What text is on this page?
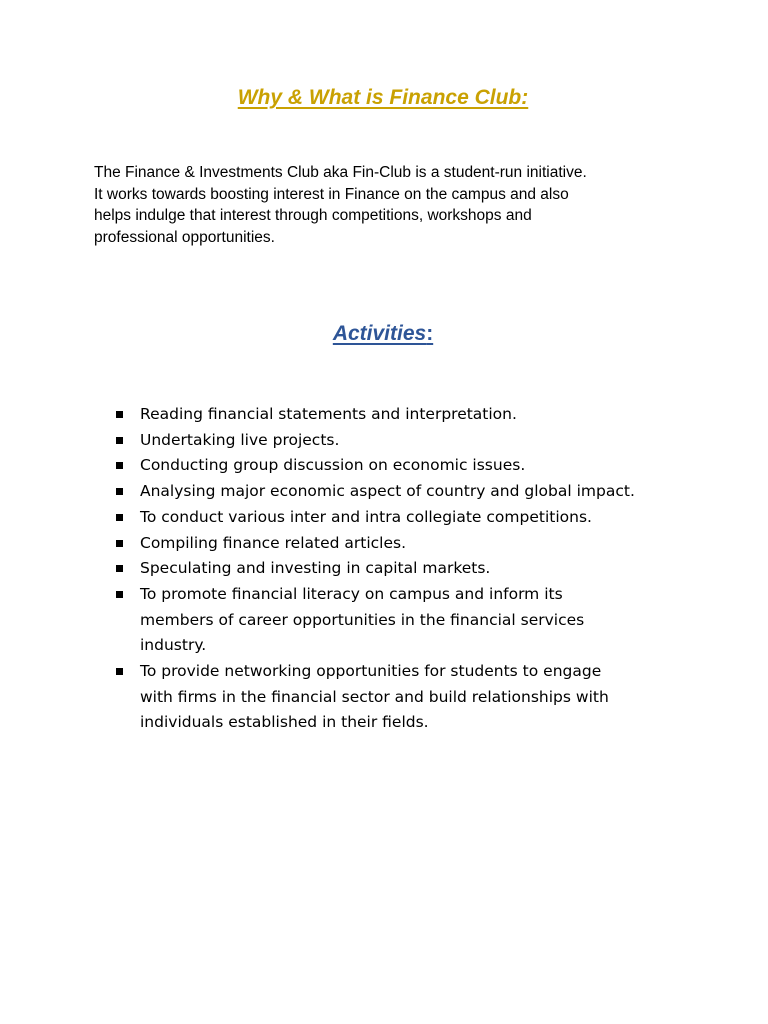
Why & What is Finance Club:

The Finance & Investments Club aka Fin-Club is a student-run initiative.
It works towards boosting interest in Finance on the campus and also
helps indulge that interest through competitions, workshops and
professional opportunities.

Activities:
Reading financial statements and interpretation.
Undertaking live projects.
Conducting group discussion on economic issues.
Analysing major economic aspect of country and global impact.
To conduct various inter and intra collegiate competitions.
Compiling finance related articles.
Speculating and investing in capital markets.
To promote financial literacy on campus and inform its
members of career opportunities in the financial services
industry.
To provide networking opportunities for students to engage
with firms in the financial sector and build relationships with
individuals established in their fields.
